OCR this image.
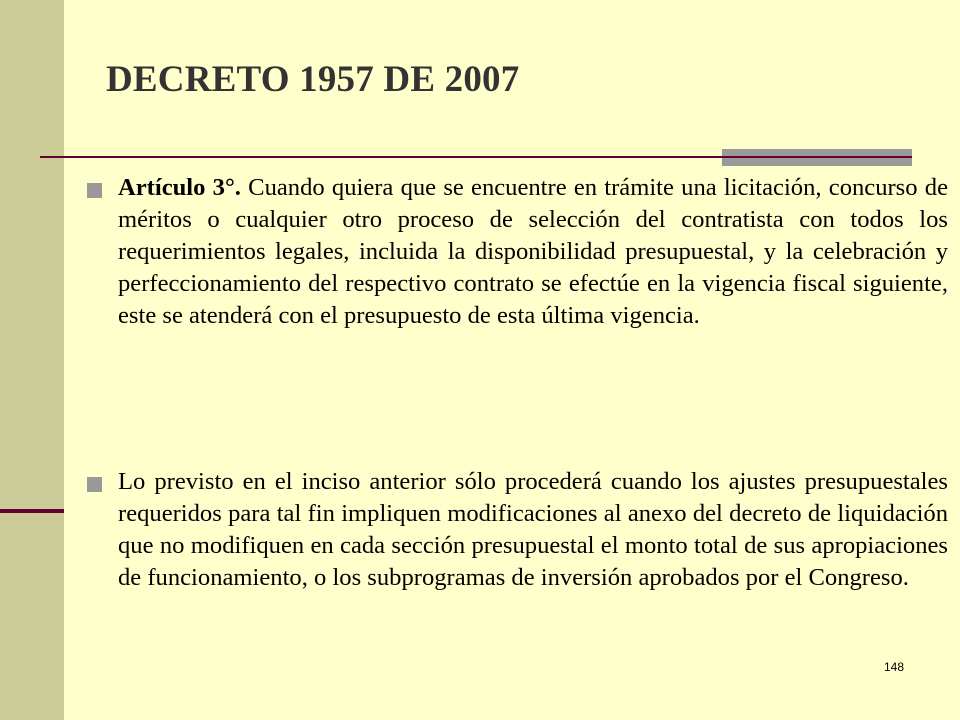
DECRETO 1957 DE 2007

Artículo 3°. Cuando quiera que se encuentre en trámite una licitación, concurso de méritos o cualquier otro proceso de selección del contratista con todos los requerimientos legales, incluida la disponibilidad presupuestal, y la celebración y perfeccionamiento del respectivo contrato se efectúe en la vigencia fiscal siguiente, este se atenderá con el presupuesto de esta última vigencia.

Lo previsto en el inciso anterior sólo procederá cuando los ajustes presupuestales requeridos para tal fin impliquen modificaciones al anexo del decreto de liquidación que no modifiquen en cada sección presupuestal el monto total de sus apropiaciones de funcionamiento, o los subprogramas de inversión aprobados por el Congreso.

148
